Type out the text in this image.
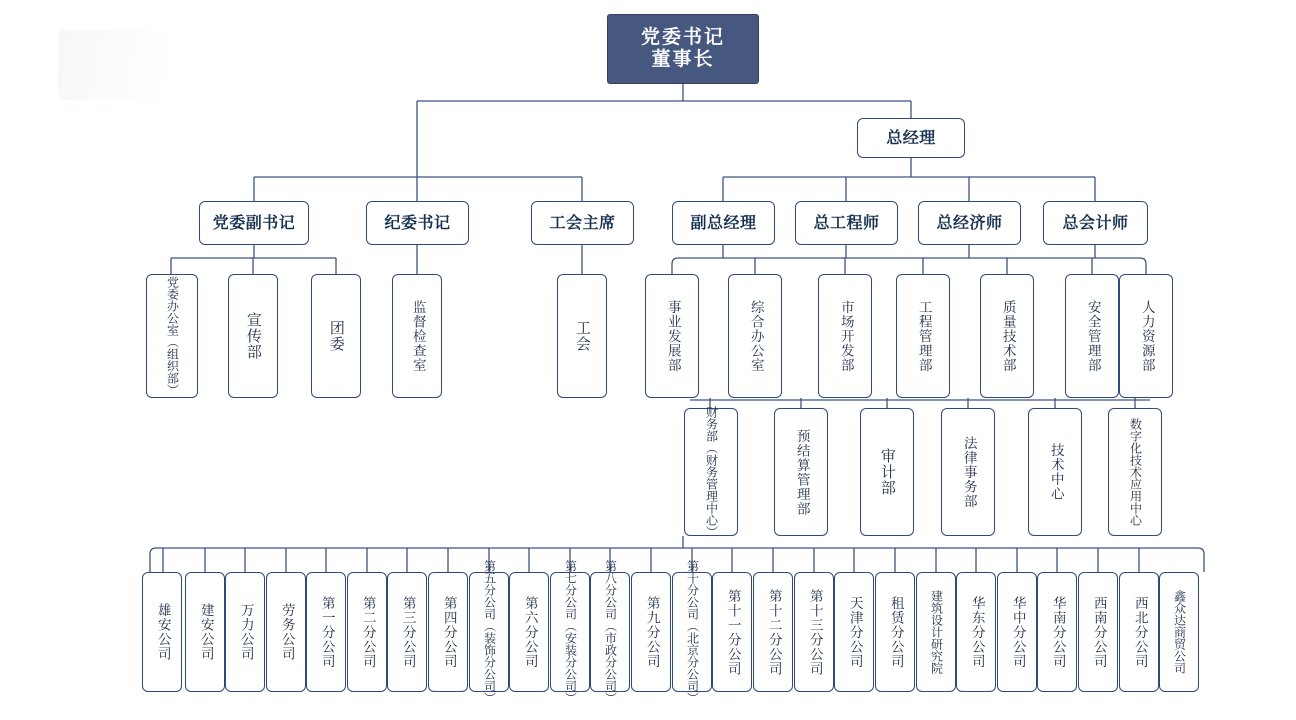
党委书记
董事长
总经理
党委副书记	纪委书记	工会主席	副总经理	总工程师	总经济师	总会计师
党委办公室（组织部）	宣传部	团委	监督检查室	工会	事业发展部	综合办公室	市场开发部	工程管理部	质量技术部	安全管理部	人力资源部
财务部（财务管理中心）	预结算管理部	审计部	法律事务部	技术中心	数字化技术应用中心
雄安公司	建安公司	万力公司	劳务公司	第一分公司	第二分公司	第三分公司	第四分公司	第五分公司（装饰分公司）	第六分公司	第七分公司（安装分公司）	第八分公司（市政分公司）	第九分公司	第十分公司（北京分公司）	第十一分公司	第十二分公司	第十三分公司	天津分公司	租赁分公司	建筑设计研究院	华东分公司	华中分公司	华南分公司	西南分公司	西北分公司	鑫众达商贸公司
